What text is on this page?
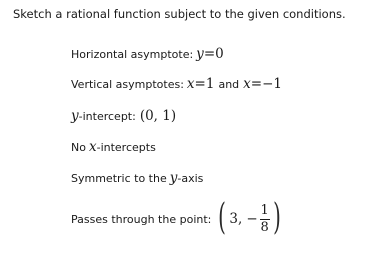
Sketch a rational function subject to the given conditions.
Horizontal asymptote: y = 0
Vertical asymptotes: x = 1 and x = −1
y -intercept: (0, 1)
No x -intercepts
Symmetric to the y -axis
Passes through the point: ( 3, − $\frac{1}{8}$ )
